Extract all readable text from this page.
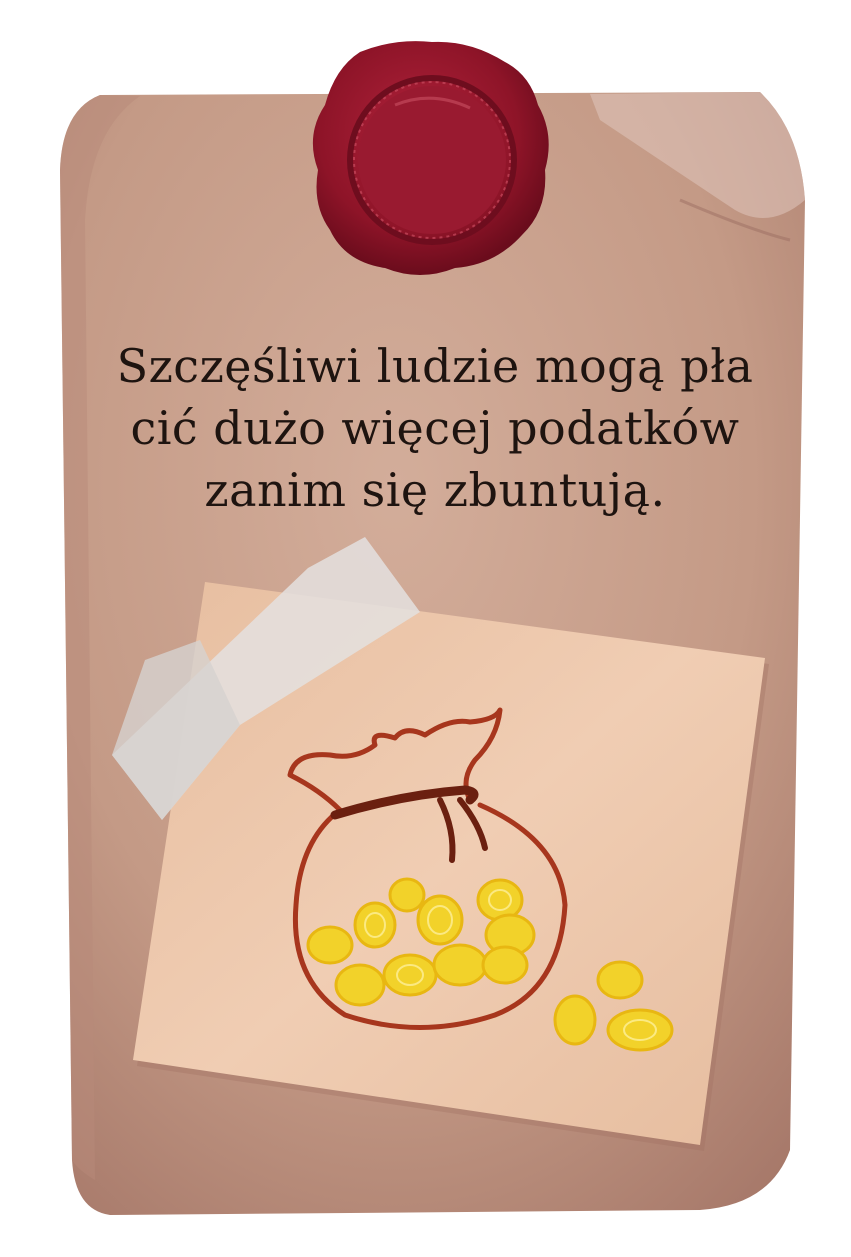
Szczęśliwi ludzie mogą pła
cić dużo więcej podatków
zanim się zbuntują.
